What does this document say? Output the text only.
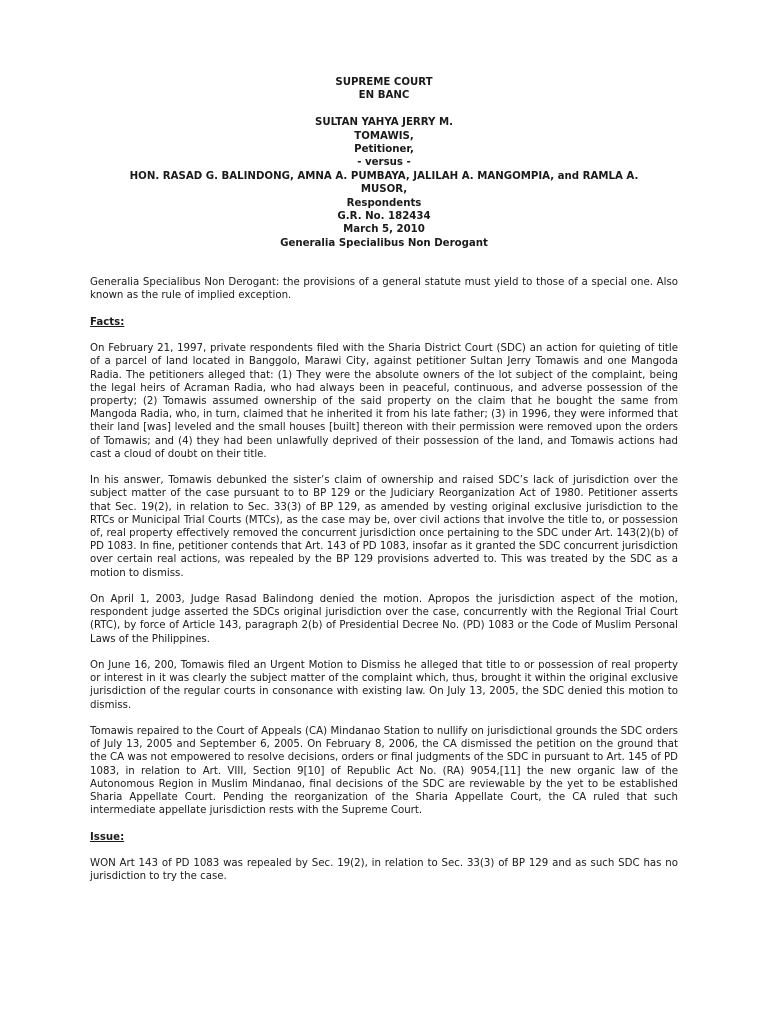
SUPREME COURT
EN BANC
SULTAN YAHYA JERRY M.
TOMAWIS,
Petitioner,
- versus -
HON. RASAD G. BALINDONG, AMNA A. PUMBAYA, JALILAH A. MANGOMPIA, and RAMLA A.
MUSOR,
Respondents
G.R. No. 182434
March 5, 2010
Generalia Specialibus Non Derogant

Generalia Specialibus Non Derogant: the provisions of a general statute must yield to those of a special one. Also known as the rule of implied exception.

Facts:

On February 21, 1997, private respondents filed with the Sharia District Court (SDC) an action for quieting of title of a parcel of land located in Banggolo, Marawi City, against petitioner Sultan Jerry Tomawis and one Mangoda Radia. The petitioners alleged that: (1) They were the absolute owners of the lot subject of the complaint, being the legal heirs of Acraman Radia, who had always been in peaceful, continuous, and adverse possession of the property; (2) Tomawis assumed ownership of the said property on the claim that he bought the same from Mangoda Radia, who, in turn, claimed that he inherited it from his late father; (3) in 1996, they were informed that their land [was] leveled and the small houses [built] thereon with their permission were removed upon the orders of Tomawis; and (4) they had been unlawfully deprived of their possession of the land, and Tomawis actions had cast a cloud of doubt on their title.

In his answer, Tomawis debunked the sister’s claim of ownership and raised SDC’s lack of jurisdiction over the subject matter of the case pursuant to to BP 129 or the Judiciary Reorganization Act of 1980. Petitioner asserts that Sec. 19(2), in relation to Sec. 33(3) of BP 129, as amended by vesting original exclusive jurisdiction to the RTCs or Municipal Trial Courts (MTCs), as the case may be, over civil actions that involve the title to, or possession of, real property effectively removed the concurrent jurisdiction once pertaining to the SDC under Art. 143(2)(b) of PD 1083. In fine, petitioner contends that Art. 143 of PD 1083, insofar as it granted the SDC concurrent jurisdiction over certain real actions, was repealed by the BP 129 provisions adverted to. This was treated by the SDC as a motion to dismiss.

On April 1, 2003, Judge Rasad Balindong denied the motion. Apropos the jurisdiction aspect of the motion, respondent judge asserted the SDCs original jurisdiction over the case, concurrently with the Regional Trial Court (RTC), by force of Article 143, paragraph 2(b) of Presidential Decree No. (PD) 1083 or the Code of Muslim Personal Laws of the Philippines.

On June 16, 200, Tomawis filed an Urgent Motion to Dismiss he alleged that title to or possession of real property or interest in it was clearly the subject matter of the complaint which, thus, brought it within the original exclusive jurisdiction of the regular courts in consonance with existing law. On July 13, 2005, the SDC denied this motion to dismiss.

Tomawis repaired to the Court of Appeals (CA) Mindanao Station to nullify on jurisdictional grounds the SDC orders of July 13, 2005 and September 6, 2005. On February 8, 2006, the CA dismissed the petition on the ground that the CA was not empowered to resolve decisions, orders or final judgments of the SDC in pursuant to Art. 145 of PD 1083, in relation to Art. VIII, Section 9[10] of Republic Act No. (RA) 9054,[11] the new organic law of the Autonomous Region in Muslim Mindanao, final decisions of the SDC are reviewable by the yet to be established Sharia Appellate Court. Pending the reorganization of the Sharia Appellate Court, the CA ruled that such intermediate appellate jurisdiction rests with the Supreme Court.

Issue:

WON Art 143 of PD 1083 was repealed by Sec. 19(2), in relation to Sec. 33(3) of BP 129 and as such SDC has no jurisdiction to try the case.
